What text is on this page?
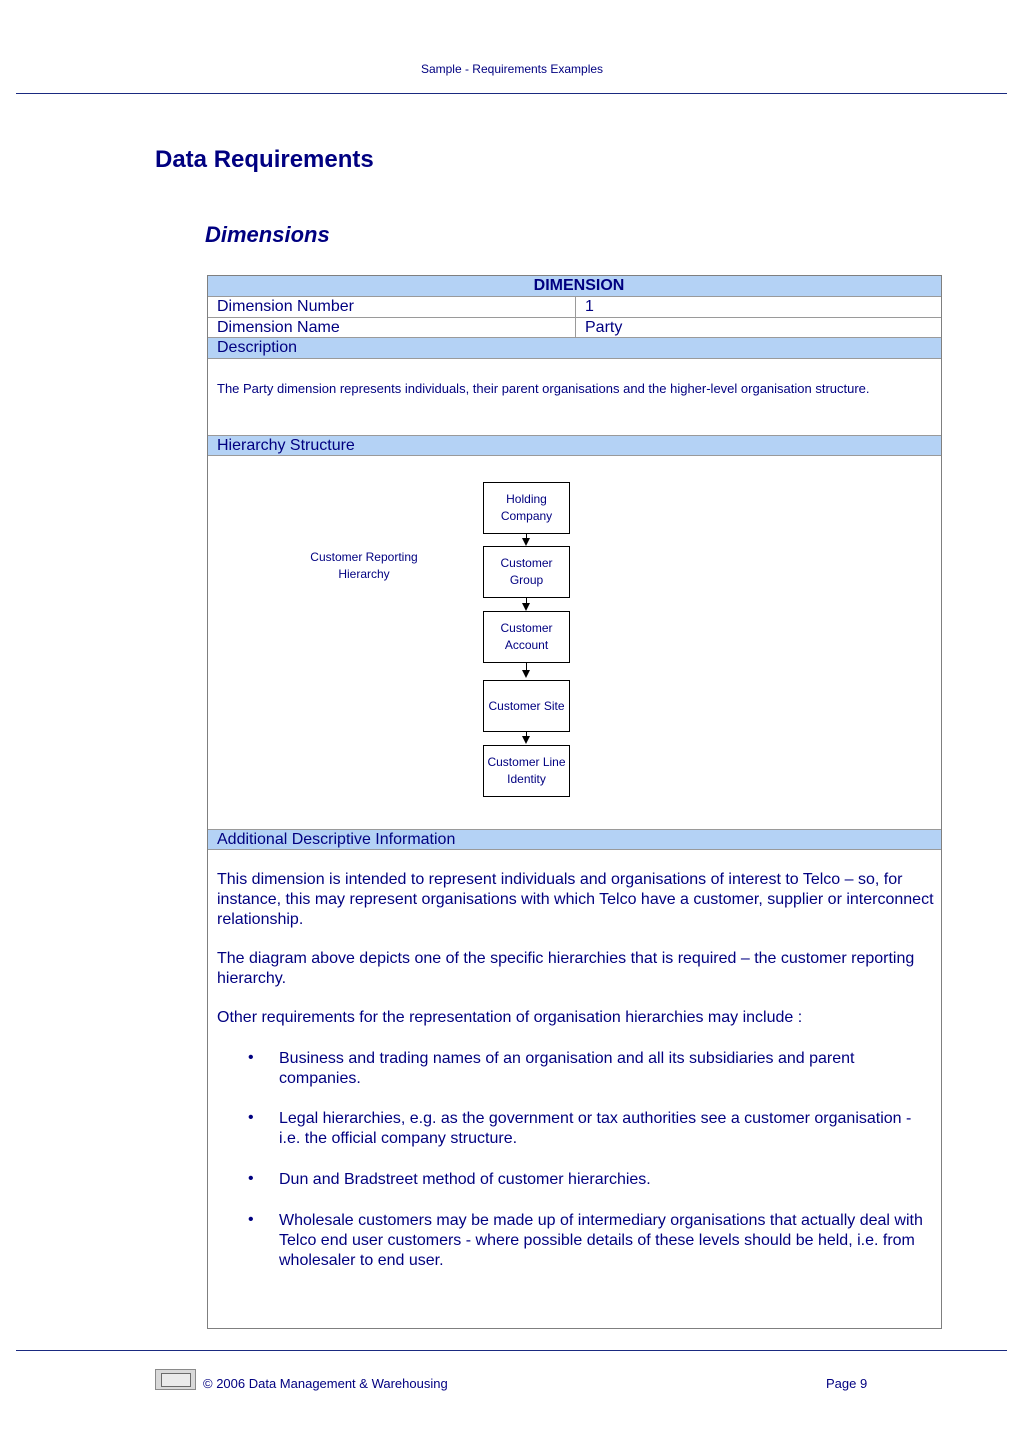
Sample - Requirements Examples
Data Requirements
Dimensions
DIMENSION
Dimension Number	1
Dimension Name	Party
Description
The Party dimension represents individuals, their parent organisations and the higher-level organisation structure.
Hierarchy Structure
Additional Descriptive Information
Customer Reporting Hierarchy
Holding Company
Customer Group
Customer Account
Customer Site
Customer Line Identity
This dimension is intended to represent individuals and organisations of interest to Telco – so, for instance, this may represent organisations with which Telco have a customer, supplier or interconnect relationship.
The diagram above depicts one of the specific hierarchies that is required – the customer reporting hierarchy.
Other requirements for the representation of organisation hierarchies may include :
• Business and trading names of an organisation and all its subsidiaries and parent companies.
• Legal hierarchies, e.g. as the government or tax authorities see a customer organisation - i.e. the official company structure.
• Dun and Bradstreet method of customer hierarchies.
• Wholesale customers may be made up of intermediary organisations that actually deal with Telco end user customers - where possible details of these levels should be held, i.e. from wholesaler to end user.
© 2006 Data Management & Warehousing	Page 9
